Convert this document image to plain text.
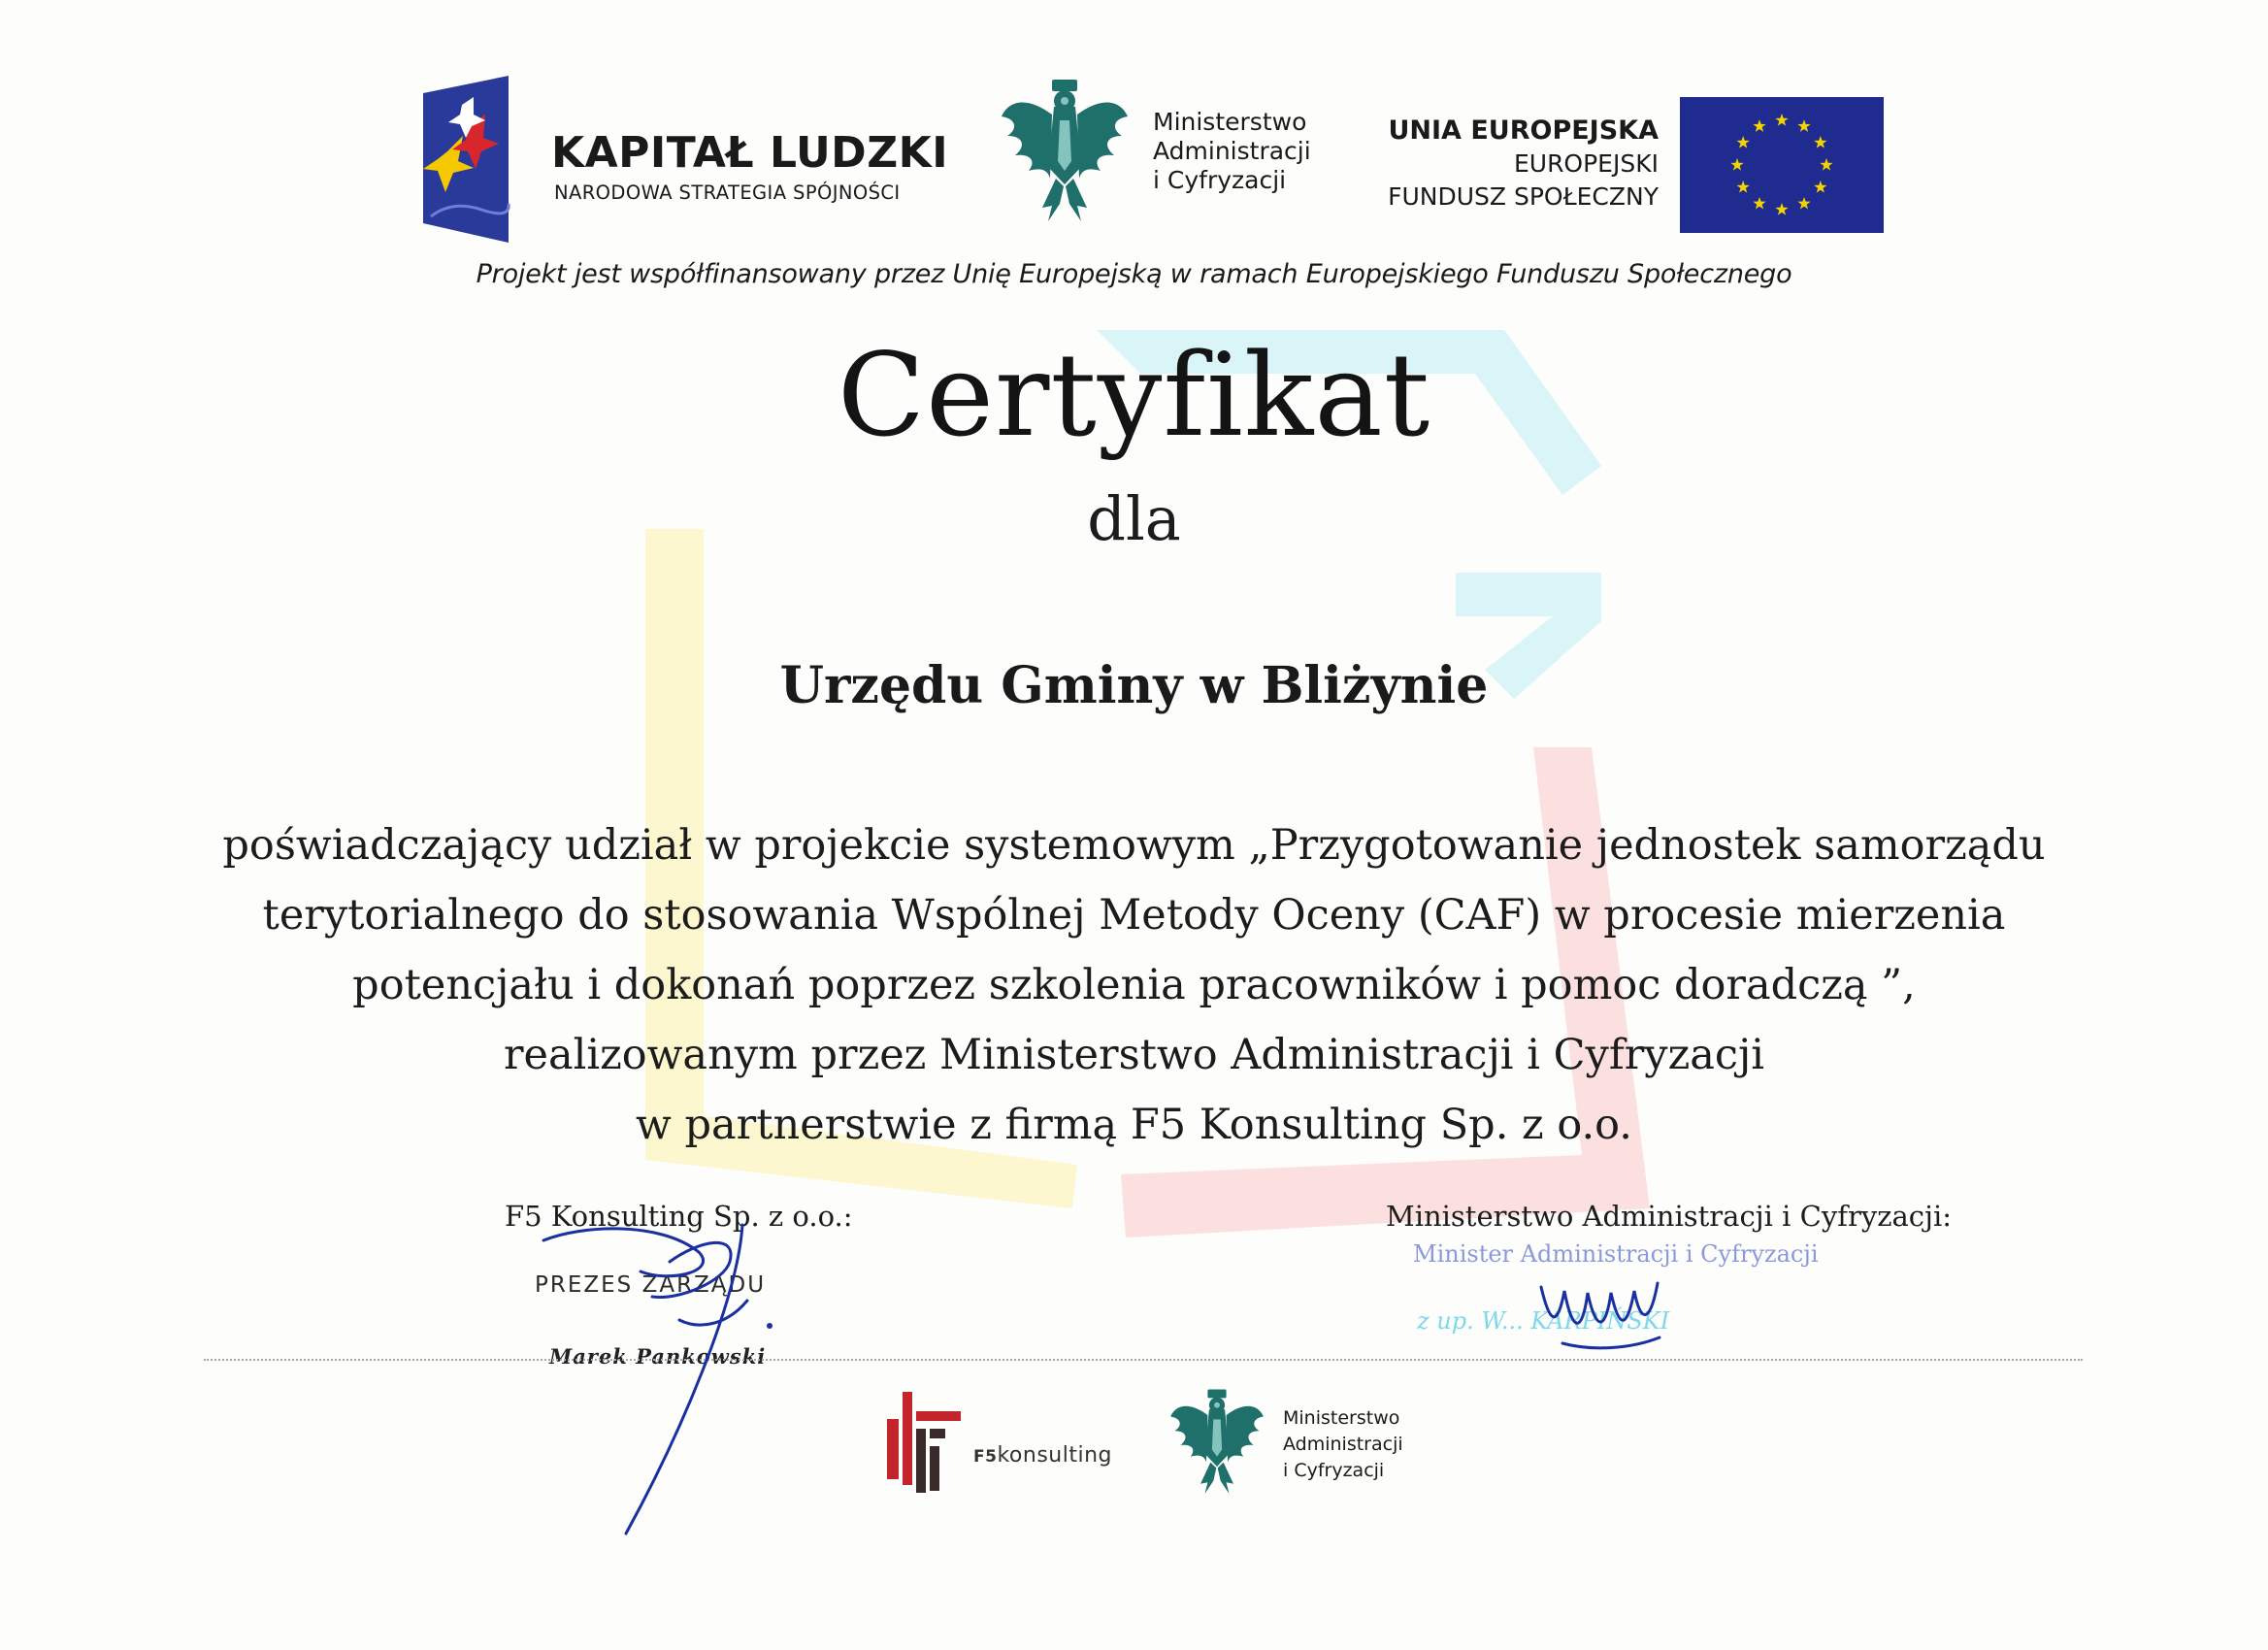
KAPITAŁ LUDZKI
NARODOWA STRATEGIA SPÓJNOŚCI
Ministerstwo
Administracji
i Cyfryzacji
UNIA EUROPEJSKA
EUROPEJSKI
FUNDUSZ SPOŁECZNY
Projekt jest współfinansowany przez Unię Europejską w ramach Europejskiego Funduszu Społecznego
Certyfikat
dla
Urzędu Gminy w Bliżynie
poświadczający udział w projekcie systemowym „Przygotowanie jednostek samorządu
terytorialnego do stosowania Wspólnej Metody Oceny (CAF) w procesie mierzenia
potencjału i dokonań poprzez szkolenia pracowników i pomoc doradczą ”,
realizowanym przez Ministerstwo Administracji i Cyfryzacji
w partnerstwie z firmą F5 Konsulting Sp. z o.o.
F5 Konsulting Sp. z o.o.:
PREZES ZARZĄDU
Marek Pankowski
Ministerstwo Administracji i Cyfryzacji:
Minister Administracji i Cyfryzacji
z up. W... KARPIŃSKI
F5konsulting
Ministerstwo
Administracji
i Cyfryzacji
